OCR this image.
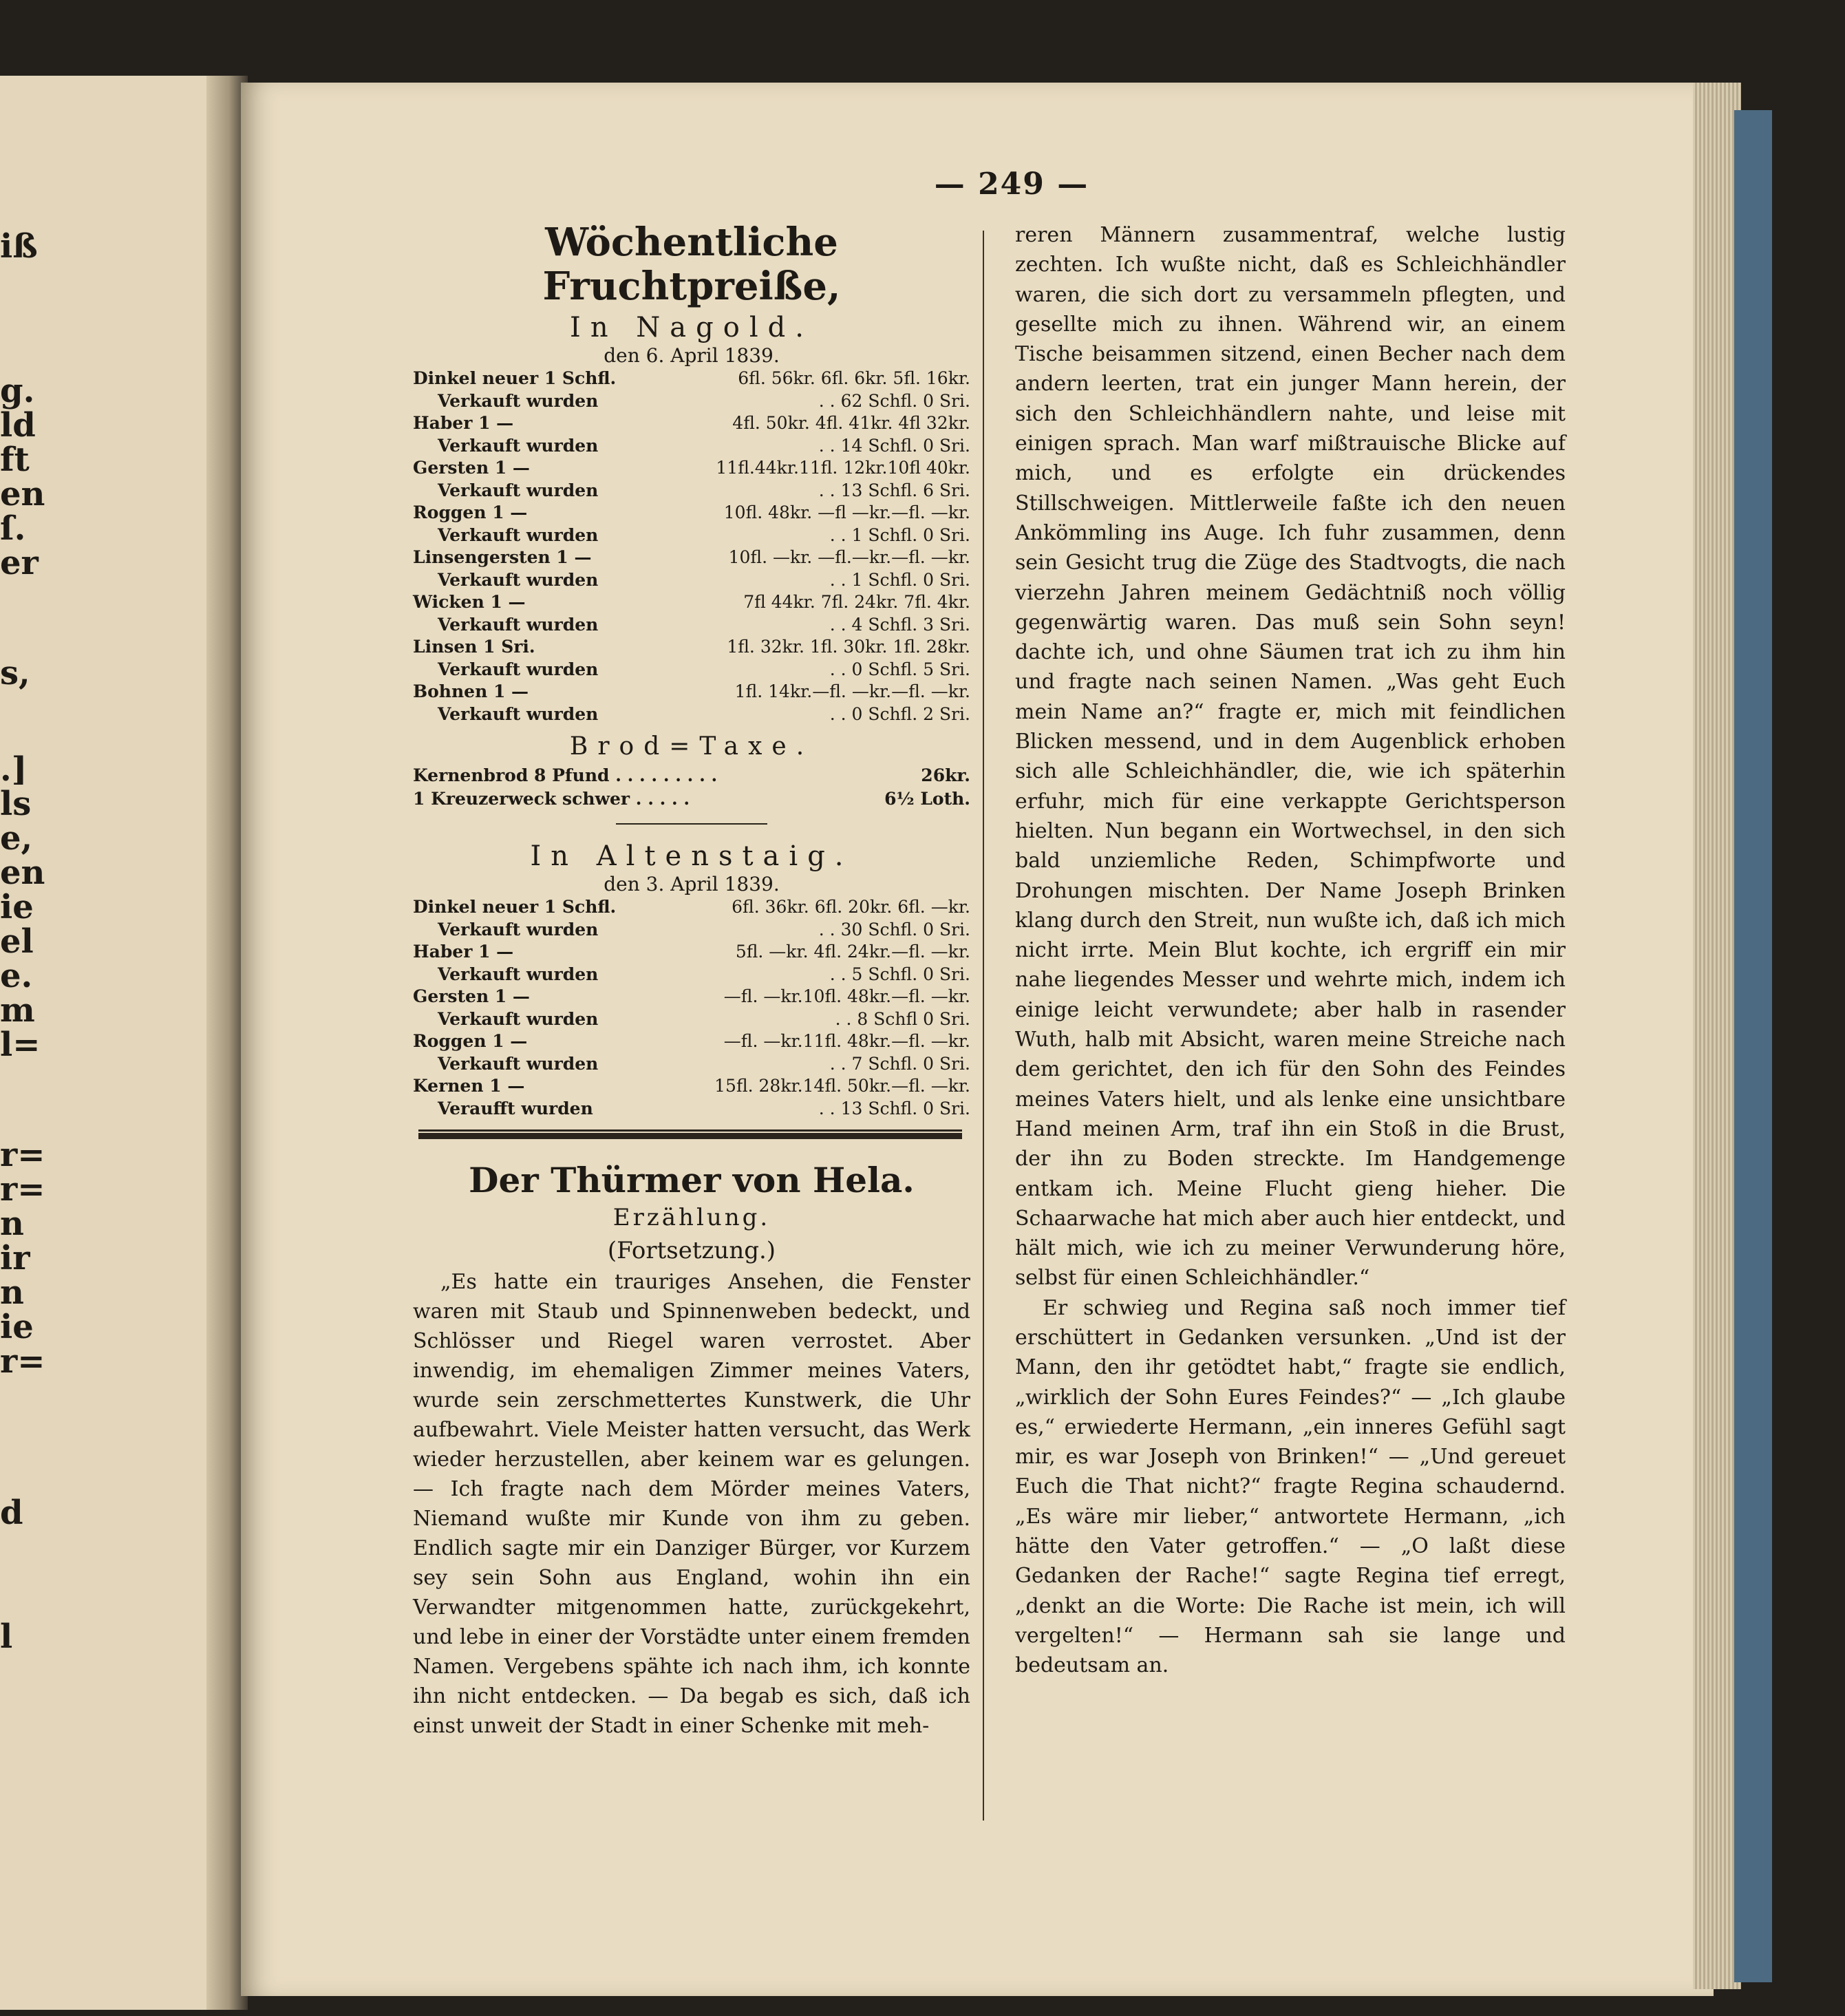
iß
g.
ld
ft
en
ſ.
er
s,
.]
ls
e,
en
ie
el
e.
m
l=
r=
r=
n
ir
n
ie
r=
d
l
— 249 —
Wöchentliche Fruchtpreiße,
In Nagold.
den 6. April 1839.
Dinkel neuer 1 Schfl.	6fl. 56kr. 6fl. 6kr. 5fl. 16kr.
Verkauft wurden	. . 62 Schfl. 0 Sri.
Haber 1 —	4fl. 50kr. 4fl. 41kr. 4fl 32kr.
Verkauft wurden	. . 14 Schfl. 0 Sri.
Gersten 1 —	11fl.44kr.11fl. 12kr.10fl 40kr.
Verkauft wurden	. . 13 Schfl. 6 Sri.
Roggen 1 —	10fl. 48kr. —fl —kr.—fl. —kr.
Verkauft wurden	. . 1 Schfl. 0 Sri.
Linsengersten 1 —	10fl. —kr. —fl.—kr.—fl. —kr.
Verkauft wurden	. . 1 Schfl. 0 Sri.
Wicken 1 —	7fl 44kr. 7fl. 24kr. 7fl. 4kr.
Verkauft wurden	. . 4 Schfl. 3 Sri.
Linsen 1 Sri.	1fl. 32kr. 1fl. 30kr. 1fl. 28kr.
Verkauft wurden	. . 0 Schfl. 5 Sri.
Bohnen 1 —	1fl. 14kr.—fl. —kr.—fl. —kr.
Verkauft wurden	. . 0 Schfl. 2 Sri.
Brod=Taxe.
Kernenbrod 8 Pfund . . . . . . . . .	26kr.
1 Kreuzerweck schwer . . . . .	6½ Loth.
In Altenstaig.
den 3. April 1839.
Dinkel neuer 1 Schfl.	6fl. 36kr. 6fl. 20kr. 6fl. —kr.
Verkauft wurden	. . 30 Schfl. 0 Sri.
Haber 1 —	5fl. —kr. 4fl. 24kr.—fl. —kr.
Verkauft wurden	. . 5 Schfl. 0 Sri.
Gersten 1 —	—fl. —kr.10fl. 48kr.—fl. —kr.
Verkauft wurden	. . 8 Schfl 0 Sri.
Roggen 1 —	—fl. —kr.11fl. 48kr.—fl. —kr.
Verkauft wurden	. . 7 Schfl. 0 Sri.
Kernen 1 —	15fl. 28kr.14fl. 50kr.—fl. —kr.
Veraufft wurden	. . 13 Schfl. 0 Sri.
Der Thürmer von Hela.
Erzählung.
(Fortsetzung.)

„Es hatte ein trauriges Ansehen, die Fenster waren mit Staub und Spinnenweben bedeckt, und Schlösser und Riegel waren verrostet. Aber inwendig, im ehemaligen Zimmer meines Vaters, wurde sein zerschmettertes Kunstwerk, die Uhr aufbewahrt. Viele Meister hatten versucht, das Werk wieder herzustellen, aber keinem war es gelungen. — Ich fragte nach dem Mörder meines Vaters, Niemand wußte mir Kunde von ihm zu geben. Endlich sagte mir ein Danziger Bürger, vor Kurzem sey sein Sohn aus England, wohin ihn ein Verwandter mitgenommen hatte, zurückgekehrt, und lebe in einer der Vorstädte unter einem fremden Namen. Vergebens spähte ich nach ihm, ich konnte ihn nicht entdecken. — Da begab es sich, daß ich einst unweit der Stadt in einer Schenke mit meh-

reren Männern zusammentraf, welche lustig zechten. Ich wußte nicht, daß es Schleichhändler waren, die sich dort zu versammeln pflegten, und gesellte mich zu ihnen. Während wir, an einem Tische beisammen sitzend, einen Becher nach dem andern leerten, trat ein junger Mann herein, der sich den Schleichhändlern nahte, und leise mit einigen sprach. Man warf mißtrauische Blicke auf mich, und es erfolgte ein drückendes Stillschweigen. Mittlerweile faßte ich den neuen Ankömmling ins Auge. Ich fuhr zusammen, denn sein Gesicht trug die Züge des Stadtvogts, die nach vierzehn Jahren meinem Gedächtniß noch völlig gegenwärtig waren. Das muß sein Sohn seyn! dachte ich, und ohne Säumen trat ich zu ihm hin und fragte nach seinen Namen. „Was geht Euch mein Name an?“ fragte er, mich mit feindlichen Blicken messend, und in dem Augenblick erhoben sich alle Schleichhändler, die, wie ich späterhin erfuhr, mich für eine verkappte Gerichtsperson hielten. Nun begann ein Wortwechsel, in den sich bald unziemliche Reden, Schimpfworte und Drohungen mischten. Der Name Joseph Brinken klang durch den Streit, nun wußte ich, daß ich mich nicht irrte. Mein Blut kochte, ich ergriff ein mir nahe liegendes Messer und wehrte mich, indem ich einige leicht verwundete; aber halb in rasender Wuth, halb mit Absicht, waren meine Streiche nach dem gerichtet, den ich für den Sohn des Feindes meines Vaters hielt, und als lenke eine unsichtbare Hand meinen Arm, traf ihn ein Stoß in die Brust, der ihn zu Boden streckte. Im Handgemenge entkam ich. Meine Flucht gieng hieher. Die Schaarwache hat mich aber auch hier entdeckt, und hält mich, wie ich zu meiner Verwunderung höre, selbst für einen Schleichhändler.“

Er schwieg und Regina saß noch immer tief erschüttert in Gedanken versunken. „Und ist der Mann, den ihr getödtet habt,“ fragte sie endlich, „wirklich der Sohn Eures Feindes?“ — „Ich glaube es,“ erwiederte Hermann, „ein inneres Gefühl sagt mir, es war Joseph von Brinken!“ — „Und gereuet Euch die That nicht?“ fragte Regina schaudernd. „Es wäre mir lieber,“ antwortete Hermann, „ich hätte den Vater getroffen.“ — „O laßt diese Gedanken der Rache!“ sagte Regina tief erregt, „denkt an die Worte: Die Rache ist mein, ich will vergelten!“ — Hermann sah sie lange und bedeutsam an.
